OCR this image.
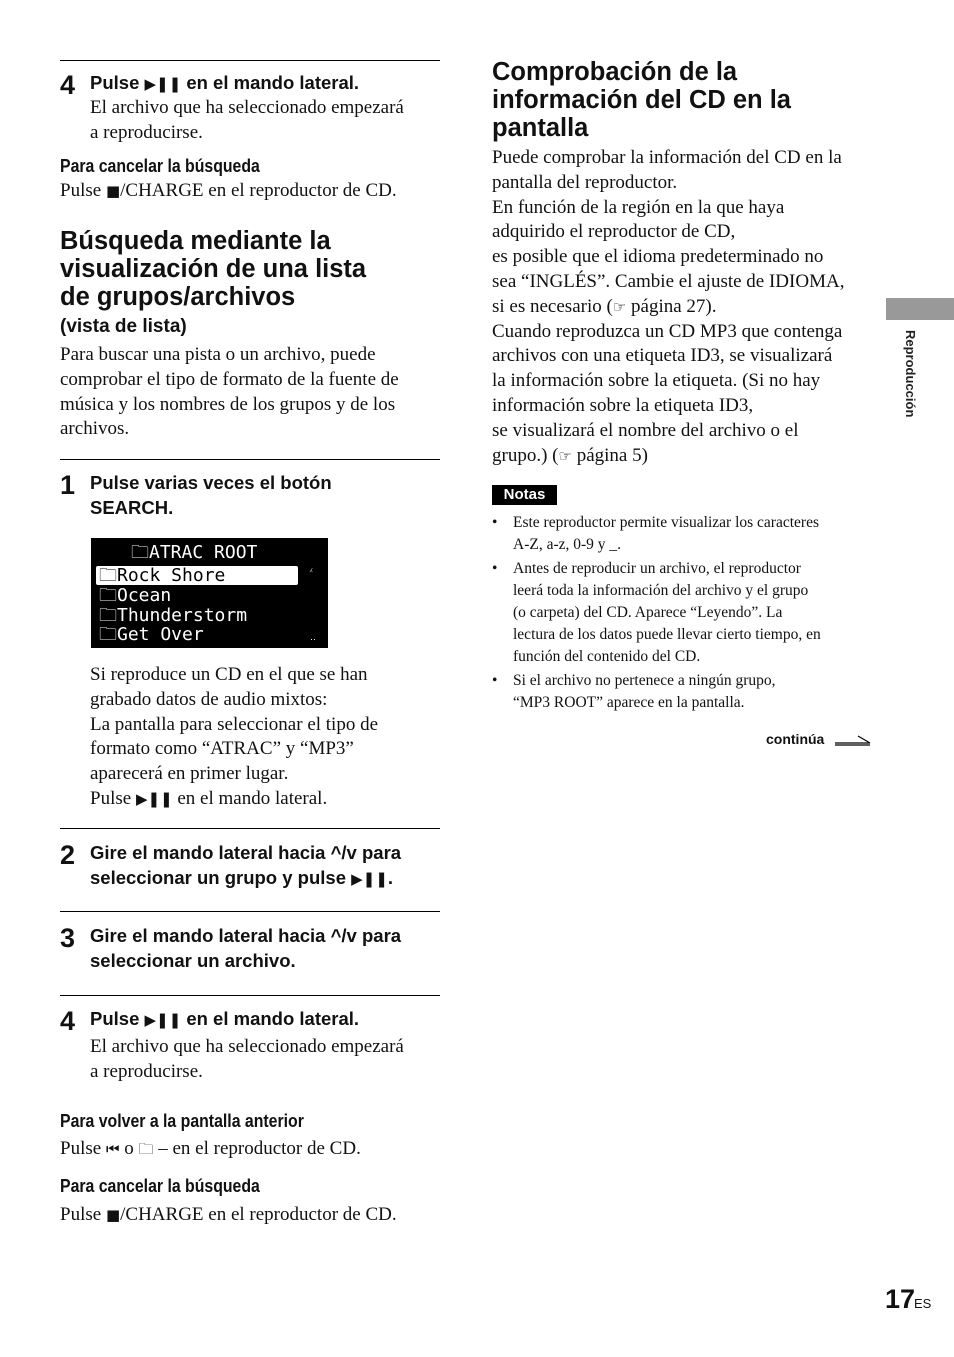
4 Pulse ▶❚❚ en el mando lateral.
El archivo que ha seleccionado empezará
a reproducirse.
Para cancelar la búsqueda
Pulse ■/CHARGE en el reproductor de CD.
Búsqueda mediante la
visualización de una lista
de grupos/archivos
(vista de lista)
Para buscar una pista o un archivo, puede
comprobar el tipo de formato de la fuente de
música y los nombres de los grupos y de los
archivos.
1 Pulse varias veces el botón
SEARCH.
🗀ATRAC ROOT
🗀Rock Shore
🗀Ocean
🗀Thunderstorm
🗀Get Over
⁁
‥
Si reproduce un CD en el que se han
grabado datos de audio mixtos:
La pantalla para seleccionar el tipo de
formato como “ATRAC” y “MP3”
aparecerá en primer lugar.
Pulse ▶❚❚ en el mando lateral.
2 Gire el mando lateral hacia ^/v para
seleccionar un grupo y pulse ▶❚❚.
3 Gire el mando lateral hacia ^/v para
seleccionar un archivo.
4 Pulse ▶❚❚ en el mando lateral.
El archivo que ha seleccionado empezará
a reproducirse.
Para volver a la pantalla anterior
Pulse ⏮ o 🗀 – en el reproductor de CD.
Para cancelar la búsqueda
Pulse ■/CHARGE en el reproductor de CD.
Comprobación de la
información del CD en la
pantalla
Puede comprobar la información del CD en la
pantalla del reproductor.
En función de la región en la que haya
adquirido el reproductor de CD,
es posible que el idioma predeterminado no
sea “INGLÉS”. Cambie el ajuste de IDIOMA,
si es necesario (☞ página 27).
Cuando reproduzca un CD MP3 que contenga
archivos con una etiqueta ID3, se visualizará
la información sobre la etiqueta. (Si no hay
información sobre la etiqueta ID3,
se visualizará el nombre del archivo o el
grupo.) (☞ página 5)
Notas
• Este reproductor permite visualizar los caracteres
A-Z, a-z, 0-9 y _.
• Antes de reproducir un archivo, el reproductor
leerá toda la información del archivo y el grupo
(o carpeta) del CD. Aparece “Leyendo”. La
lectura de los datos puede llevar cierto tiempo, en
función del contenido del CD.
• Si el archivo no pertenece a ningún grupo,
“MP3 ROOT” aparece en la pantalla.
continúa
Reproducción
17
ES
